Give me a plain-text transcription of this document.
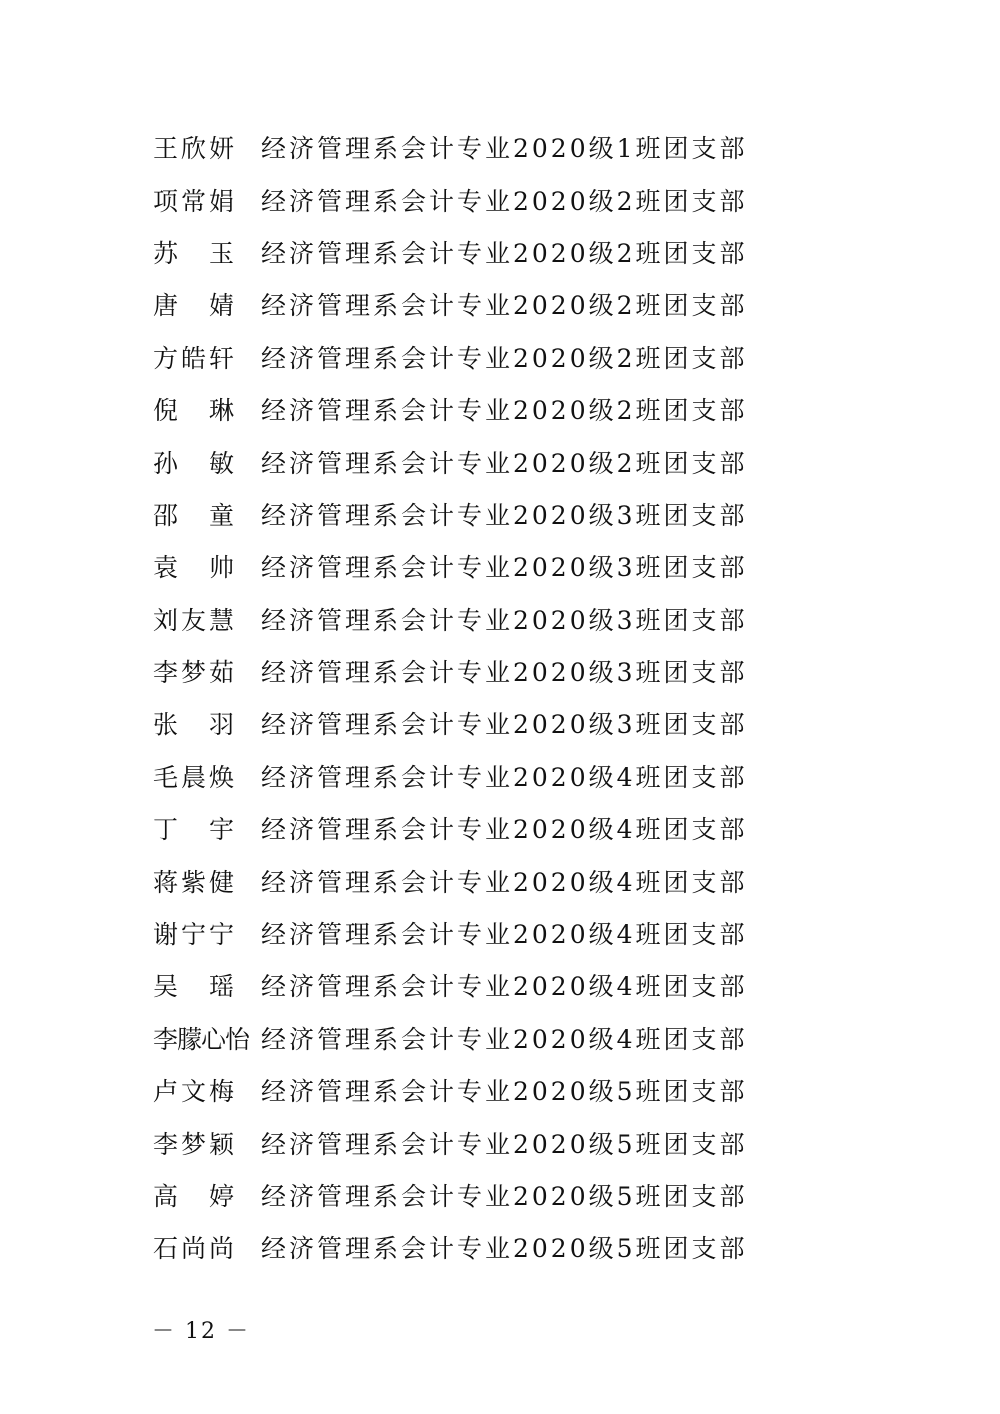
王欣妍 经济管理系会计专业2020级1班团支部
项常娟 经济管理系会计专业2020级2班团支部
苏　玉 经济管理系会计专业2020级2班团支部
唐　婧 经济管理系会计专业2020级2班团支部
方皓轩 经济管理系会计专业2020级2班团支部
倪　琳 经济管理系会计专业2020级2班团支部
孙　敏 经济管理系会计专业2020级2班团支部
邵　童 经济管理系会计专业2020级3班团支部
袁　帅 经济管理系会计专业2020级3班团支部
刘友慧 经济管理系会计专业2020级3班团支部
李梦茹 经济管理系会计专业2020级3班团支部
张　羽 经济管理系会计专业2020级3班团支部
毛晨焕 经济管理系会计专业2020级4班团支部
丁　宇 经济管理系会计专业2020级4班团支部
蒋紫健 经济管理系会计专业2020级4班团支部
谢宁宁 经济管理系会计专业2020级4班团支部
吴　瑶 经济管理系会计专业2020级4班团支部
李朦心怡 经济管理系会计专业2020级4班团支部
卢文梅 经济管理系会计专业2020级5班团支部
李梦颖 经济管理系会计专业2020级5班团支部
高　婷 经济管理系会计专业2020级5班团支部
石尚尚 经济管理系会计专业2020级5班团支部
－ 12 －
